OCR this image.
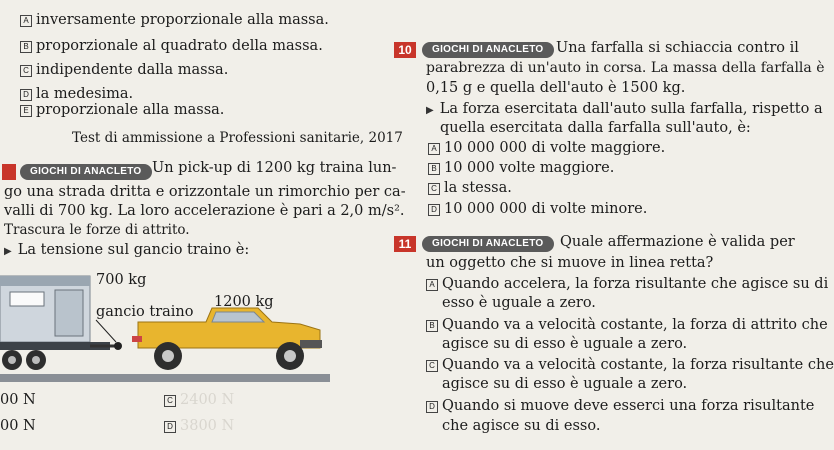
A inversamente proporzionale alla massa.
B proporzionale al quadrato della massa.
C indipendente dalla massa.
D la medesima.
E proporzionale alla massa.
Test di ammissione a Professioni sanitarie, 2017
GIOCHI DI ANACLETO Un pick-up di 1200 kg traina lun-
go una strada dritta e orizzontale un rimorchio per ca-
valli di 700 kg. La loro accelerazione è pari a 2,0 m/s².
Trascura le forze di attrito.
▶ La tensione sul gancio traino è:
700 kg
gancio traino
1200 kg
00 N	C 2400 N
00 N	D 3800 N
10	GIOCHI DI ANACLETO Una farfalla si schiaccia contro il
parabrezza di un'auto in corsa. La massa della farfalla è
0,15 g e quella dell'auto è 1500 kg.
▶ La forza esercitata dall'auto sulla farfalla, rispetto a
quella esercitata dalla farfalla sull'auto, è:
A 10 000 000 di volte maggiore.
B 10 000 volte maggiore.
C la stessa.
D 10 000 000 di volte minore.
11	GIOCHI DI ANACLETO	Quale affermazione è valida per
un oggetto che si muove in linea retta?
A Quando accelera, la forza risultante che agisce su di
esso è uguale a zero.
B Quando va a velocità costante, la forza di attrito che
agisce su di esso è uguale a zero.
C Quando va a velocità costante, la forza risultante che
agisce su di esso è uguale a zero.
D Quando si muove deve esserci una forza risultante
che agisce su di esso.
